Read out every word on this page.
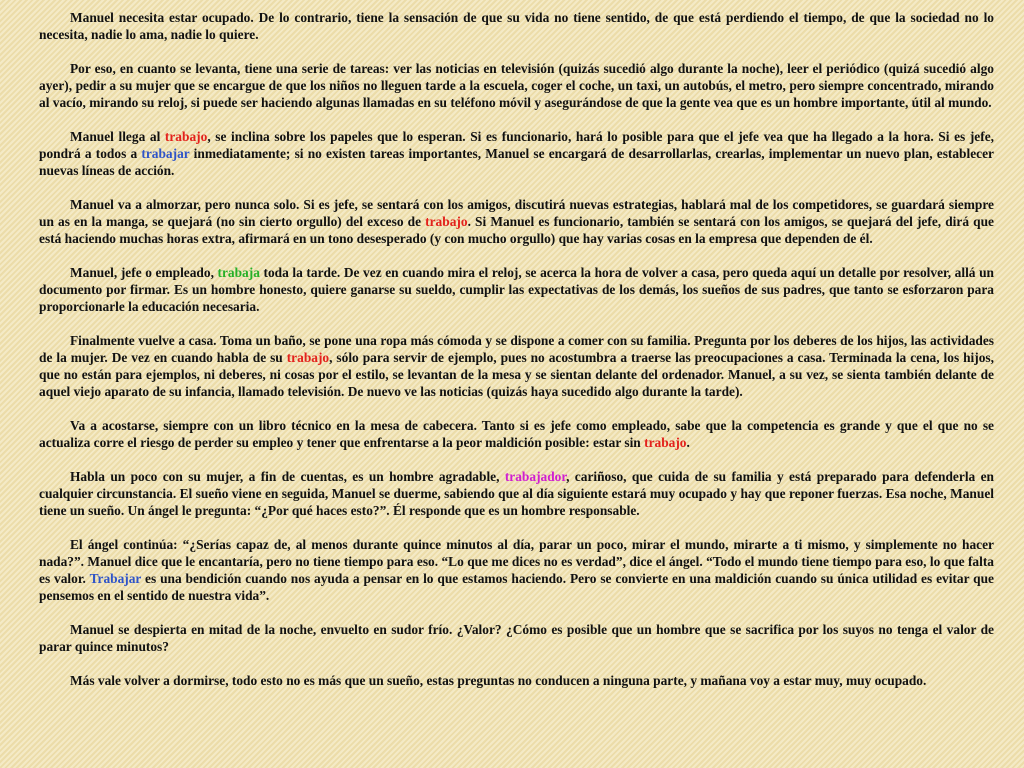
Manuel necesita estar ocupado. De lo contrario, tiene la sensación de que su vida no tiene sentido, de que está perdiendo el tiempo, de que la sociedad no lo necesita, nadie lo ama, nadie lo quiere.

Por eso, en cuanto se levanta, tiene una serie de tareas: ver las noticias en televisión (quizás sucedió algo durante la noche), leer el periódico (quizá sucedió algo ayer), pedir a su mujer que se encargue de que los niños no lleguen tarde a la escuela, coger el coche, un taxi, un autobús, el metro, pero siempre concentrado, mirando al vacío, mirando su reloj, si puede ser haciendo algunas llamadas en su teléfono móvil y asegurándose de que la gente vea que es un hombre importante, útil al mundo.

Manuel llega al trabajo, se inclina sobre los papeles que lo esperan. Si es funcionario, hará lo posible para que el jefe vea que ha llegado a la hora. Si es jefe, pondrá a todos a trabajar inmediatamente; si no existen tareas importantes, Manuel se encargará de desarrollarlas, crearlas, implementar un nuevo plan, establecer nuevas líneas de acción.

Manuel va a almorzar, pero nunca solo. Si es jefe, se sentará con los amigos, discutirá nuevas estrategias, hablará mal de los competidores, se guardará siempre un as en la manga, se quejará (no sin cierto orgullo) del exceso de trabajo. Si Manuel es funcionario, también se sentará con los amigos, se quejará del jefe, dirá que está haciendo muchas horas extra, afirmará en un tono desesperado (y con mucho orgullo) que hay varias cosas en la empresa que dependen de él.

Manuel, jefe o empleado, trabaja toda la tarde. De vez en cuando mira el reloj, se acerca la hora de volver a casa, pero queda aquí un detalle por resolver, allá un documento por firmar. Es un hombre honesto, quiere ganarse su sueldo, cumplir las expectativas de los demás, los sueños de sus padres, que tanto se esforzaron para proporcionarle la educación necesaria.

Finalmente vuelve a casa. Toma un baño, se pone una ropa más cómoda y se dispone a comer con su familia. Pregunta por los deberes de los hijos, las actividades de la mujer. De vez en cuando habla de su trabajo, sólo para servir de ejemplo, pues no acostumbra a traerse las preocupaciones a casa. Terminada la cena, los hijos, que no están para ejemplos, ni deberes, ni cosas por el estilo, se levantan de la mesa y se sientan delante del ordenador. Manuel, a su vez, se sienta también delante de aquel viejo aparato de su infancia, llamado televisión. De nuevo ve las noticias (quizás haya sucedido algo durante la tarde).

Va a acostarse, siempre con un libro técnico en la mesa de cabecera. Tanto si es jefe como empleado, sabe que la competencia es grande y que el que no se actualiza corre el riesgo de perder su empleo y tener que enfrentarse a la peor maldición posible: estar sin trabajo.

Habla un poco con su mujer, a fin de cuentas, es un hombre agradable, trabajador, cariñoso, que cuida de su familia y está preparado para defenderla en cualquier circunstancia. El sueño viene en seguida, Manuel se duerme, sabiendo que al día siguiente estará muy ocupado y hay que reponer fuerzas. Esa noche, Manuel tiene un sueño. Un ángel le pregunta: “¿Por qué haces esto?”. Él responde que es un hombre responsable.

El ángel continúa: “¿Serías capaz de, al menos durante quince minutos al día, parar un poco, mirar el mundo, mirarte a ti mismo, y simplemente no hacer nada?”. Manuel dice que le encantaría, pero no tiene tiempo para eso. “Lo que me dices no es verdad”, dice el ángel. “Todo el mundo tiene tiempo para eso, lo que falta es valor. Trabajar es una bendición cuando nos ayuda a pensar en lo que estamos haciendo. Pero se convierte en una maldición cuando su única utilidad es evitar que pensemos en el sentido de nuestra vida”.

Manuel se despierta en mitad de la noche, envuelto en sudor frío. ¿Valor? ¿Cómo es posible que un hombre que se sacrifica por los suyos no tenga el valor de parar quince minutos?

Más vale volver a dormirse, todo esto no es más que un sueño, estas preguntas no conducen a ninguna parte, y mañana voy a estar muy, muy ocupado.
